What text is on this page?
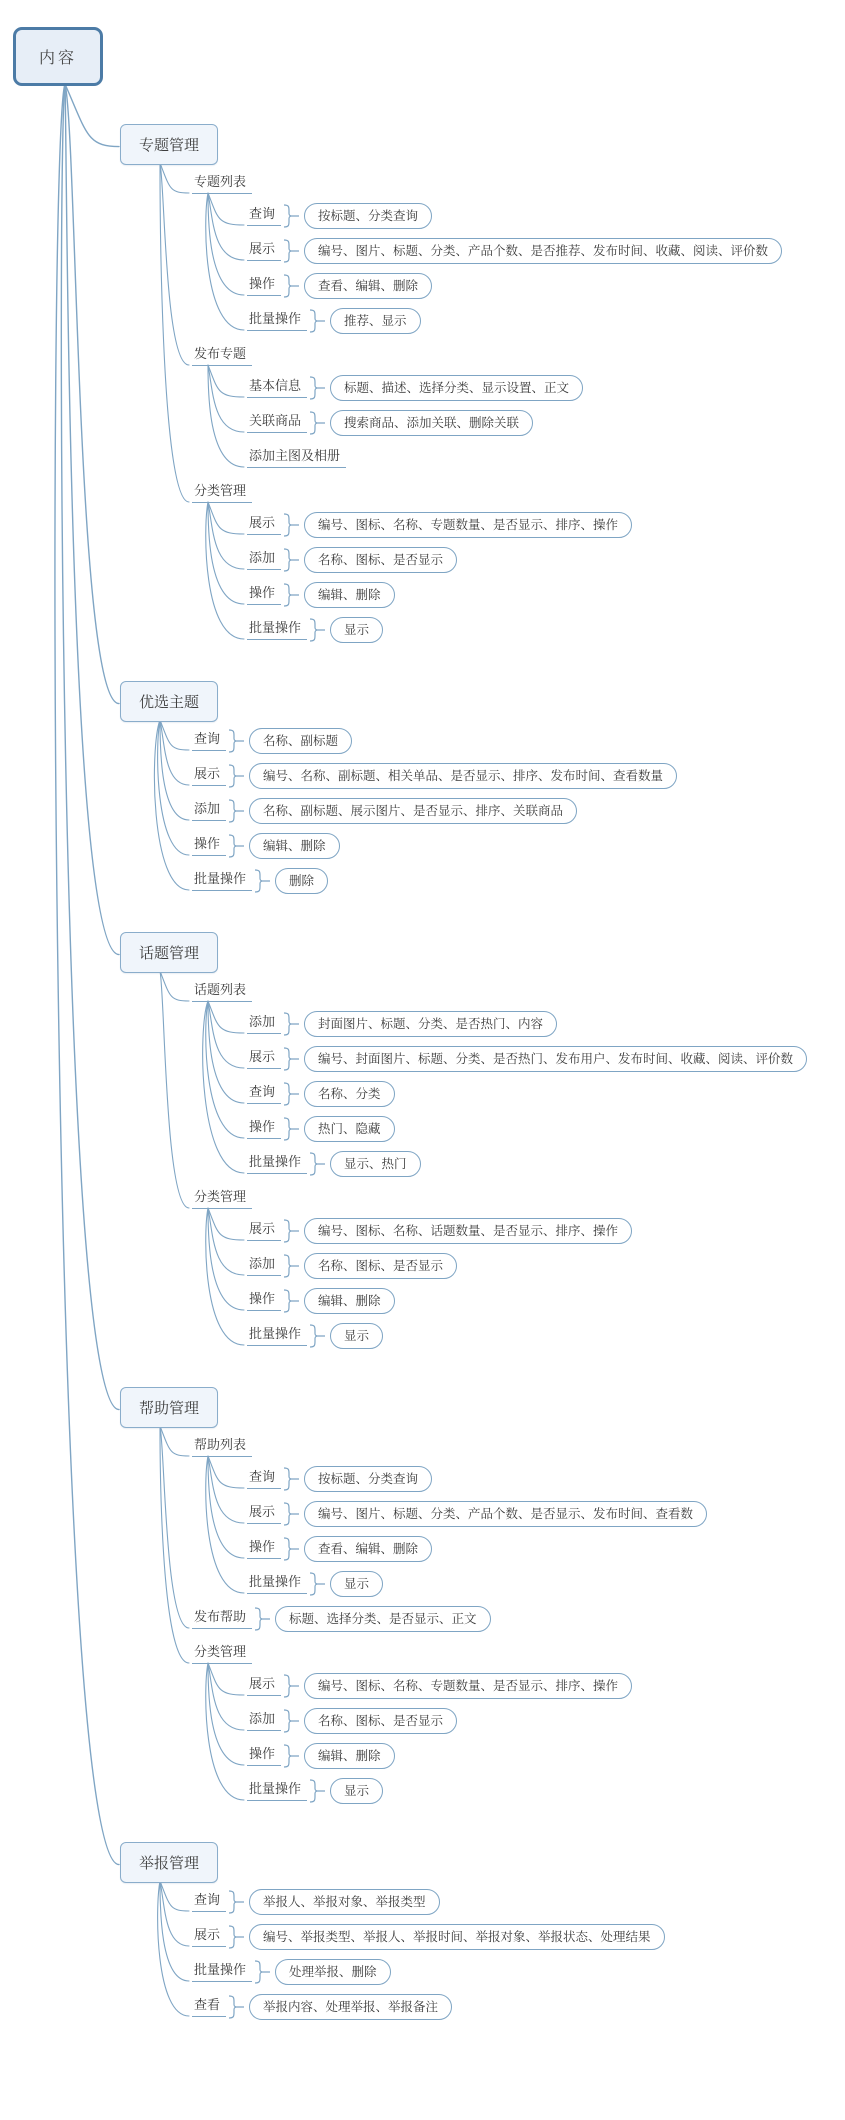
内容
专题管理
专题列表
查询	按标题、分类查询
展示	编号、图片、标题、分类、产品个数、是否推荐、发布时间、收藏、阅读、评价数
操作	查看、编辑、删除
批量操作	推荐、显示
发布专题
基本信息	标题、描述、选择分类、显示设置、正文
关联商品	搜索商品、添加关联、删除关联
添加主图及相册
分类管理
展示	编号、图标、名称、专题数量、是否显示、排序、操作
添加	名称、图标、是否显示
操作	编辑、删除
批量操作	显示
优选主题
查询	名称、副标题
展示	编号、名称、副标题、相关单品、是否显示、排序、发布时间、查看数量
添加	名称、副标题、展示图片、是否显示、排序、关联商品
操作	编辑、删除
批量操作	删除
话题管理
话题列表
添加	封面图片、标题、分类、是否热门、内容
展示	编号、封面图片、标题、分类、是否热门、发布用户、发布时间、收藏、阅读、评价数
查询	名称、分类
操作	热门、隐藏
批量操作	显示、热门
分类管理
展示	编号、图标、名称、话题数量、是否显示、排序、操作
添加	名称、图标、是否显示
操作	编辑、删除
批量操作	显示
帮助管理
帮助列表
查询	按标题、分类查询
展示	编号、图片、标题、分类、产品个数、是否显示、发布时间、查看数
操作	查看、编辑、删除
批量操作	显示
发布帮助	标题、选择分类、是否显示、正文
分类管理
展示	编号、图标、名称、专题数量、是否显示、排序、操作
添加	名称、图标、是否显示
操作	编辑、删除
批量操作	显示
举报管理
查询	举报人、举报对象、举报类型
展示	编号、举报类型、举报人、举报时间、举报对象、举报状态、处理结果
批量操作	处理举报、删除
查看	举报内容、处理举报、举报备注
